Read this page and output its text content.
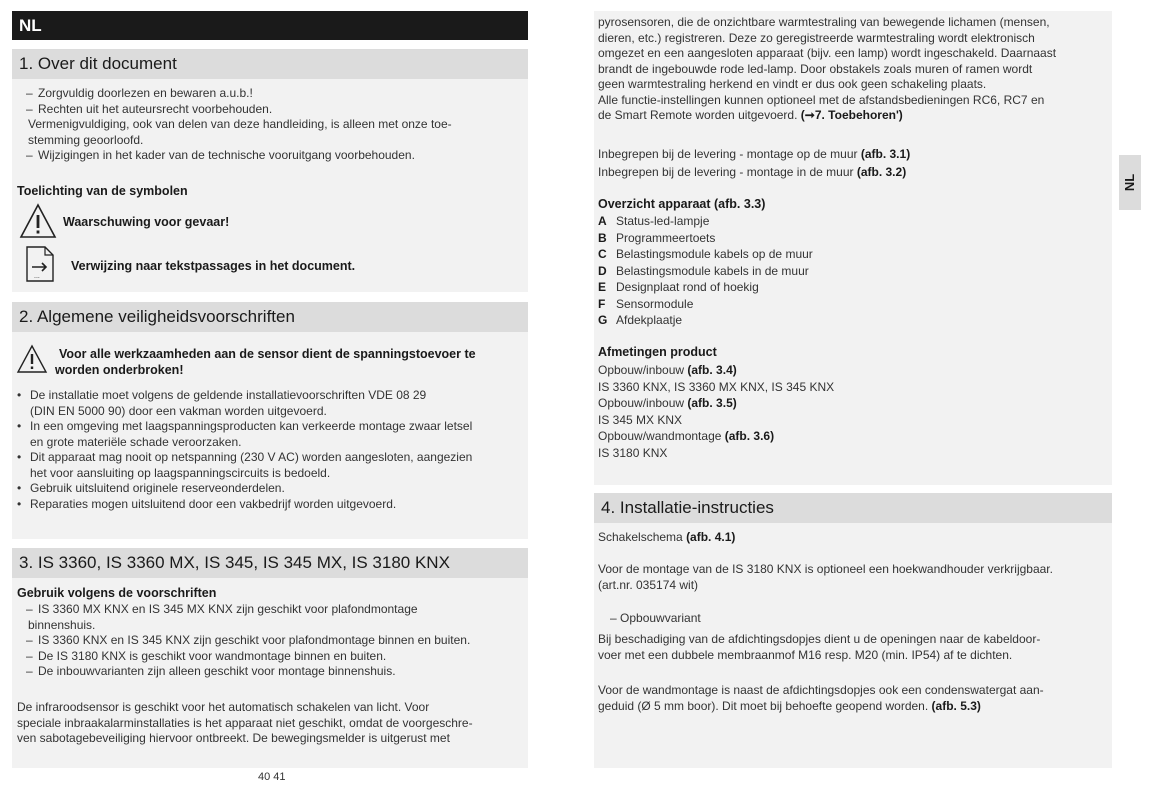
NL
1. Over dit document
– Zorgvuldig doorlezen en bewaren a.u.b.!
– Rechten uit het auteursrecht voorbehouden.
Vermenigvuldiging, ook van delen van deze handleiding, is alleen met onze toe-
stemming geoorloofd.
– Wijzigingen in het kader van de technische vooruitgang voorbehouden.
Toelichting van de symbolen
Waarschuwing voor gevaar!
...
Verwijzing naar tekstpassages in het document.
2. Algemene veiligheidsvoorschriften
Voor alle werkzaamheden aan de sensor dient de spanningstoevoer te
worden onderbroken!
• De installatie moet volgens de geldende installatievoorschriften VDE 08 29
(DIN EN 5000 90) door een vakman worden uitgevoerd.
• In een omgeving met laagspanningsproducten kan verkeerde montage zwaar letsel
en grote materiële schade veroorzaken.
• Dit apparaat mag nooit op netspanning (230 V AC) worden aangesloten, aangezien
het voor aansluiting op laagspanningscircuits is bedoeld.
• Gebruik uitsluitend originele reserveonderdelen.
• Reparaties mogen uitsluitend door een vakbedrijf worden uitgevoerd.
3. IS 3360, IS 3360 MX, IS 345, IS 345 MX, IS 3180 KNX
Gebruik volgens de voorschriften
– IS 3360 MX KNX en IS 345 MX KNX zijn geschikt voor plafondmontage
binnenshuis.
– IS 3360 KNX en IS 345 KNX zijn geschikt voor plafondmontage binnen en buiten.
– De IS 3180 KNX is geschikt voor wandmontage binnen en buiten.
– De inbouwvarianten zijn alleen geschikt voor montage binnenshuis.
De infraroodsensor is geschikt voor het automatisch schakelen van licht. Voor
speciale inbraakalarminstallaties is het apparaat niet geschikt, omdat de voorgeschre-
ven sabotagebeveiliging hiervoor ontbreekt. De bewegingsmelder is uitgerust met
40 41
pyrosensoren, die de onzichtbare warmtestraling van bewegende lichamen (mensen,
dieren, etc.) registreren. Deze zo geregistreerde warmtestraling wordt elektronisch
omgezet en een aangesloten apparaat (bijv. een lamp) wordt ingeschakeld. Daarnaast
brandt de ingebouwde rode led-lamp. Door obstakels zoals muren of ramen wordt
geen warmtestraling herkend en vindt er dus ook geen schakeling plaats.
Alle functie-instellingen kunnen optioneel met de afstandsbedieningen RC6, RC7 en
de Smart Remote worden uitgevoerd. (➞7. Toebehoren')
Inbegrepen bij de levering - montage op de muur (afb. 3.1)
Inbegrepen bij de levering - montage in de muur (afb. 3.2)
Overzicht apparaat (afb. 3.3)
A Status-led-lampje
B Programmeertoets
C Belastingsmodule kabels op de muur
D Belastingsmodule kabels in de muur
E Designplaat rond of hoekig
F Sensormodule
G Afdekplaatje
Afmetingen product
Opbouw/inbouw (afb. 3.4)
IS 3360 KNX, IS 3360 MX KNX, IS 345 KNX
Opbouw/inbouw (afb. 3.5)
IS 345 MX KNX
Opbouw/wandmontage (afb. 3.6)
IS 3180 KNX
NL
4. Installatie-instructies
Schakelschema (afb. 4.1)
Voor de montage van de IS 3180 KNX is optioneel een hoekwandhouder verkrijgbaar.
(art.nr. 035174 wit)
– Opbouwvariant
Bij beschadiging van de afdichtingsdopjes dient u de openingen naar de kabeldoor-
voer met een dubbele membraanmof M16 resp. M20 (min. IP54) af te dichten.
Voor de wandmontage is naast de afdichtingsdopjes ook een condenswatergat aan-
geduid (Ø 5 mm boor). Dit moet bij behoefte geopend worden. (afb. 5.3)
